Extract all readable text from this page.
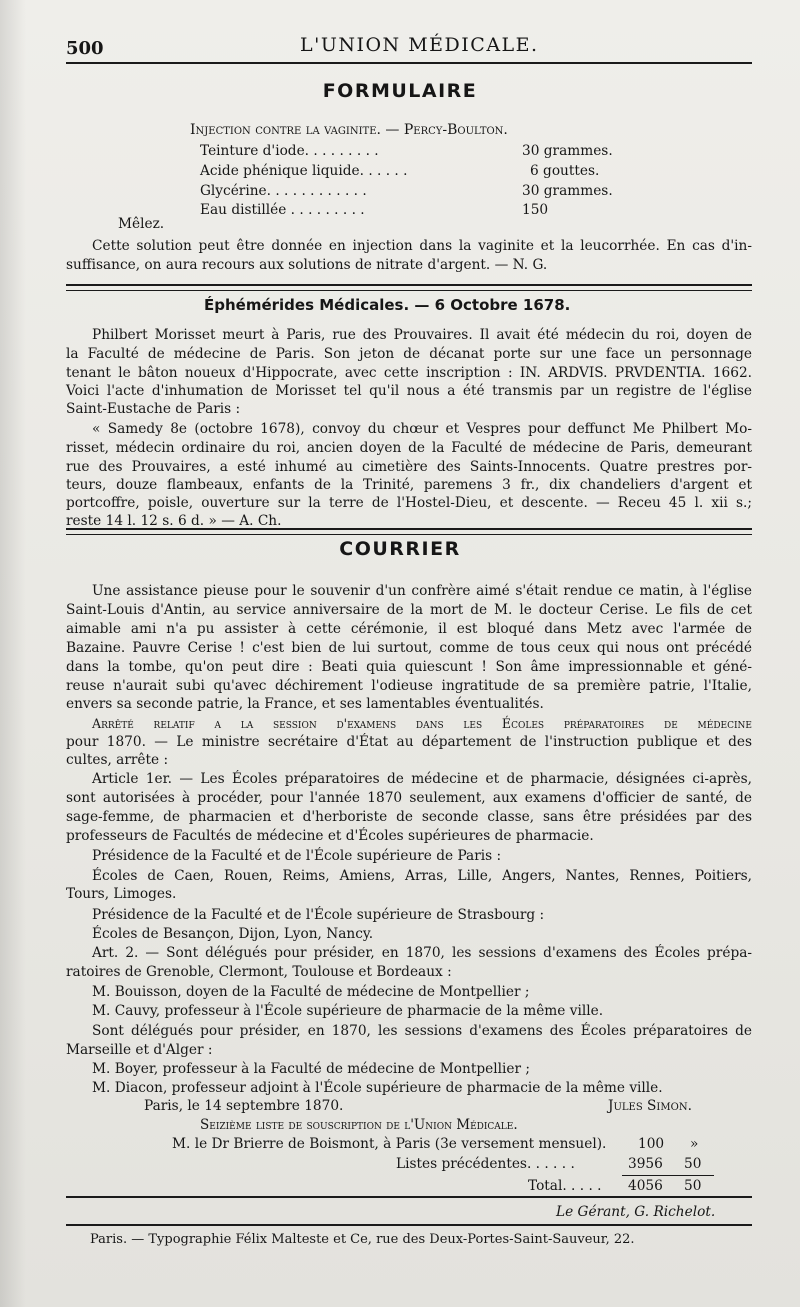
500	L'UNION MÉDICALE.
FORMULAIRE
Injection contre la vaginite. — Percy-Boulton.
Teinture d'iode. . . . . . . . .	30 grammes.
Acide phénique liquide. . . . . .	6 gouttes.
Glycérine. . . . . . . . . . . .	30 grammes.
Eau distillée . . . . . . . . .	150
Mêlez.
Cette solution peut être donnée en injection dans la vaginite et la leucorrhée. En cas d'in-
suffisance, on aura recours aux solutions de nitrate d'argent. — N. G.
Éphémérides Médicales. — 6 Octobre 1678.
Philbert Morisset meurt à Paris, rue des Prouvaires. Il avait été médecin du roi, doyen de
la Faculté de médecine de Paris. Son jeton de décanat porte sur une face un personnage
tenant le bâton noueux d'Hippocrate, avec cette inscription : IN. ARDVIS. PRVDENTIA. 1662.
Voici l'acte d'inhumation de Morisset tel qu'il nous a été transmis par un registre de l'église
Saint-Eustache de Paris :
« Samedy 8e (octobre 1678), convoy du chœur et Vespres pour deffunct Me Philbert Mo-
risset, médecin ordinaire du roi, ancien doyen de la Faculté de médecine de Paris, demeurant
rue des Prouvaires, a esté inhumé au cimetière des Saints-Innocents. Quatre prestres por-
teurs, douze flambeaux, enfants de la Trinité, paremens 3 fr., dix chandeliers d'argent et
portcoffre, poisle, ouverture sur la terre de l'Hostel-Dieu, et descente. — Receu 45 l. xii s.;
reste 14 l. 12 s. 6 d. » — A. Ch.
COURRIER
Une assistance pieuse pour le souvenir d'un confrère aimé s'était rendue ce matin, à l'église
Saint-Louis d'Antin, au service anniversaire de la mort de M. le docteur Cerise. Le fils de cet
aimable ami n'a pu assister à cette cérémonie, il est bloqué dans Metz avec l'armée de
Bazaine. Pauvre Cerise ! c'est bien de lui surtout, comme de tous ceux qui nous ont précédé
dans la tombe, qu'on peut dire : Beati quia quiescunt ! Son âme impressionnable et géné-
reuse n'aurait subi qu'avec déchirement l'odieuse ingratitude de sa première patrie, l'Italie,
envers sa seconde patrie, la France, et ses lamentables éventualités.
Arrêté relatif a la session d'examens dans les Écoles préparatoires de médecine
pour 1870. — Le ministre secrétaire d'État au département de l'instruction publique et des
cultes, arrête :
Article 1er. — Les Écoles préparatoires de médecine et de pharmacie, désignées ci-après,
sont autorisées à procéder, pour l'année 1870 seulement, aux examens d'officier de santé, de
sage-femme, de pharmacien et d'herboriste de seconde classe, sans être présidées par des
professeurs de Facultés de médecine et d'Écoles supérieures de pharmacie.
Présidence de la Faculté et de l'École supérieure de Paris :
Écoles de Caen, Rouen, Reims, Amiens, Arras, Lille, Angers, Nantes, Rennes, Poitiers,
Tours, Limoges.
Présidence de la Faculté et de l'École supérieure de Strasbourg :
Écoles de Besançon, Dijon, Lyon, Nancy.
Art. 2. — Sont délégués pour présider, en 1870, les sessions d'examens des Écoles prépa-
ratoires de Grenoble, Clermont, Toulouse et Bordeaux :
M. Bouisson, doyen de la Faculté de médecine de Montpellier ;
M. Cauvy, professeur à l'École supérieure de pharmacie de la même ville.
Sont délégués pour présider, en 1870, les sessions d'examens des Écoles préparatoires de
Marseille et d'Alger :
M. Boyer, professeur à la Faculté de médecine de Montpellier ;
M. Diacon, professeur adjoint à l'École supérieure de pharmacie de la même ville.
Paris, le 14 septembre 1870.	Jules Simon.
Seizième liste de souscription de l'Union Médicale.
M. le Dr Brierre de Boismont, à Paris (3e versement mensuel). 100 »
Listes précédentes. . . . . .	3956 50
Total. . . . . 4056 50
Le Gérant, G. Richelot.
Paris. — Typographie Félix Malteste et Ce, rue des Deux-Portes-Saint-Sauveur, 22.
